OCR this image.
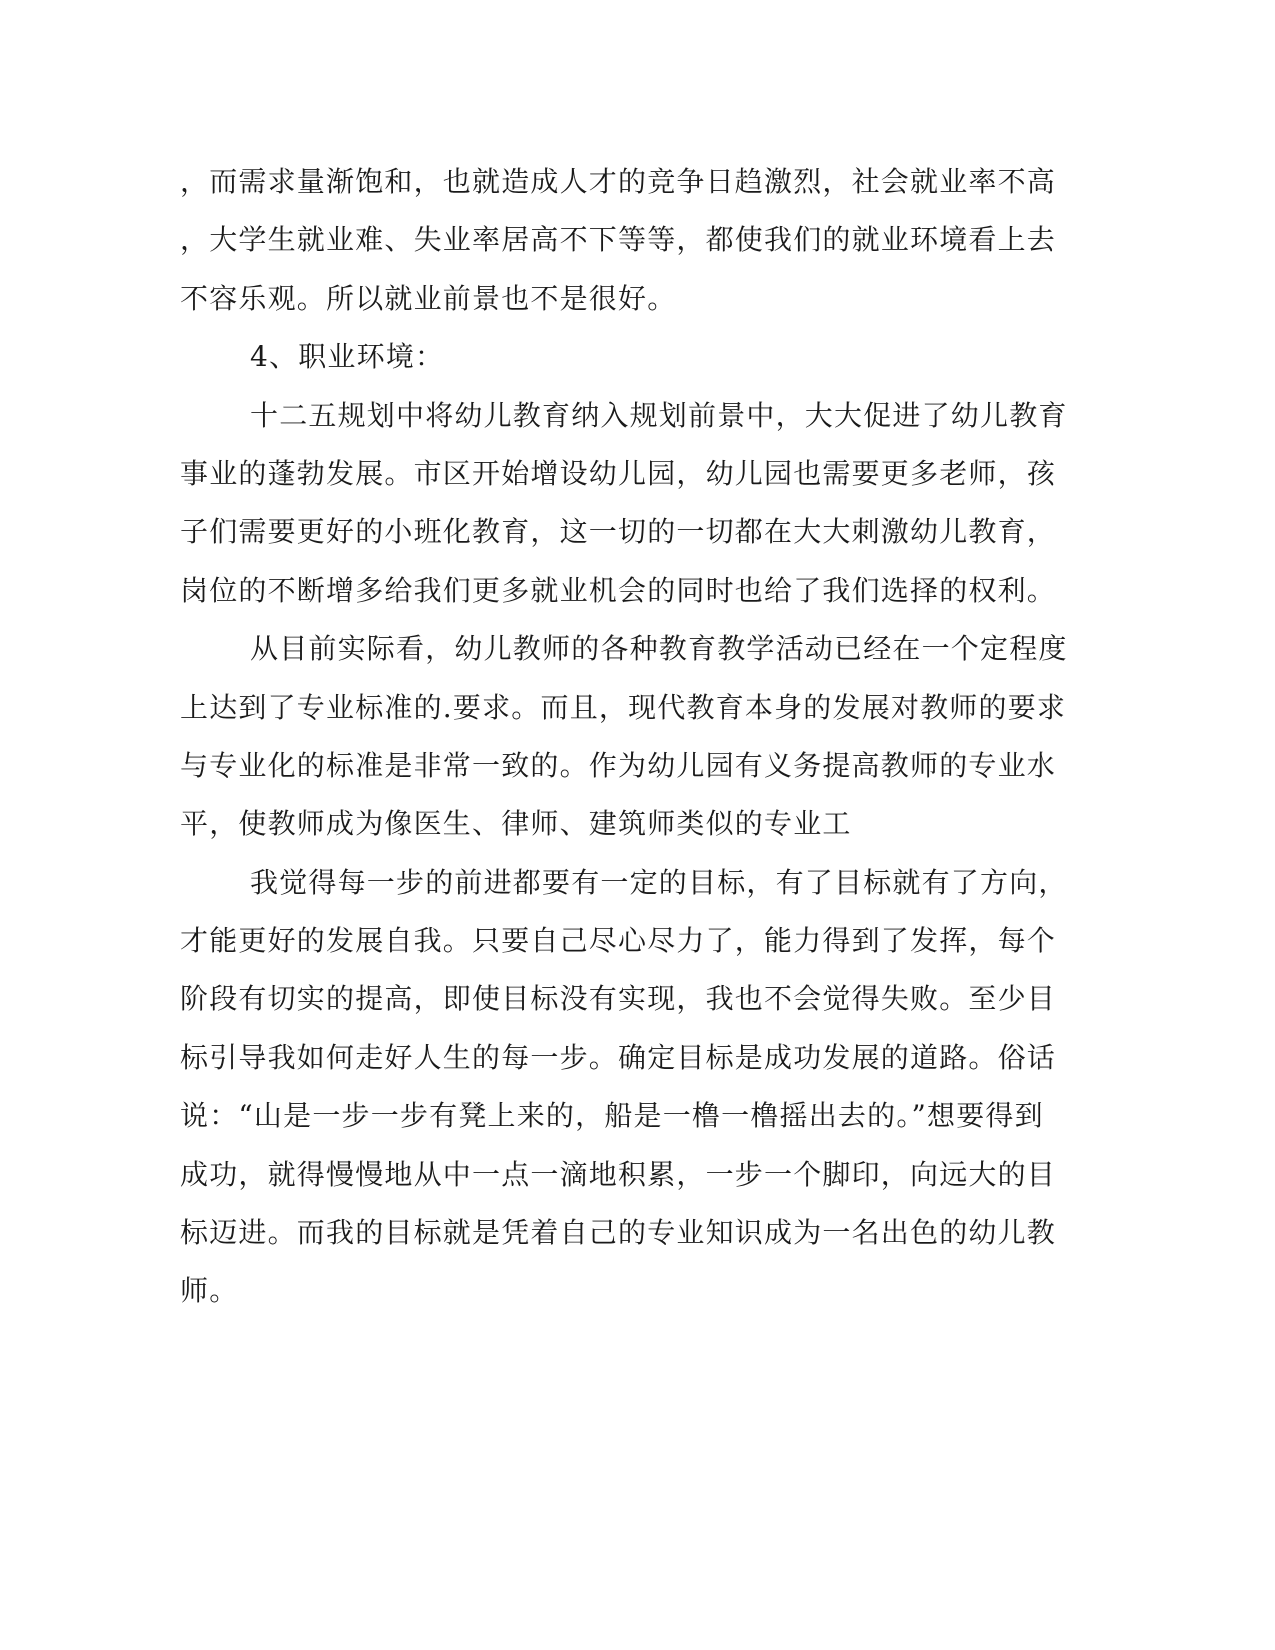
，而需求量渐饱和，也就造成人才的竞争日趋激烈，社会就业率不高
，大学生就业难、失业率居高不下等等，都使我们的就业环境看上去
不容乐观。所以就业前景也不是很好。
4、职业环境：
十二五规划中将幼儿教育纳入规划前景中，大大促进了幼儿教育
事业的蓬勃发展。市区开始增设幼儿园，幼儿园也需要更多老师，孩
子们需要更好的小班化教育，这一切的一切都在大大刺激幼儿教育，
岗位的不断增多给我们更多就业机会的同时也给了我们选择的权利。
从目前实际看，幼儿教师的各种教育教学活动已经在一个定程度
上达到了专业标准的.要求。而且，现代教育本身的发展对教师的要求
与专业化的标准是非常一致的。作为幼儿园有义务提高教师的专业水
平，使教师成为像医生、律师、建筑师类似的专业工
我觉得每一步的前进都要有一定的目标，有了目标就有了方向，
才能更好的发展自我。只要自己尽心尽力了，能力得到了发挥，每个
阶段有切实的提高，即使目标没有实现，我也不会觉得失败。至少目
标引导我如何走好人生的每一步。确定目标是成功发展的道路。俗话
说：“山是一步一步有凳上来的，船是一橹一橹摇出去的。”想要得到
成功，就得慢慢地从中一点一滴地积累，一步一个脚印，向远大的目
标迈进。而我的目标就是凭着自己的专业知识成为一名出色的幼儿教
师。
